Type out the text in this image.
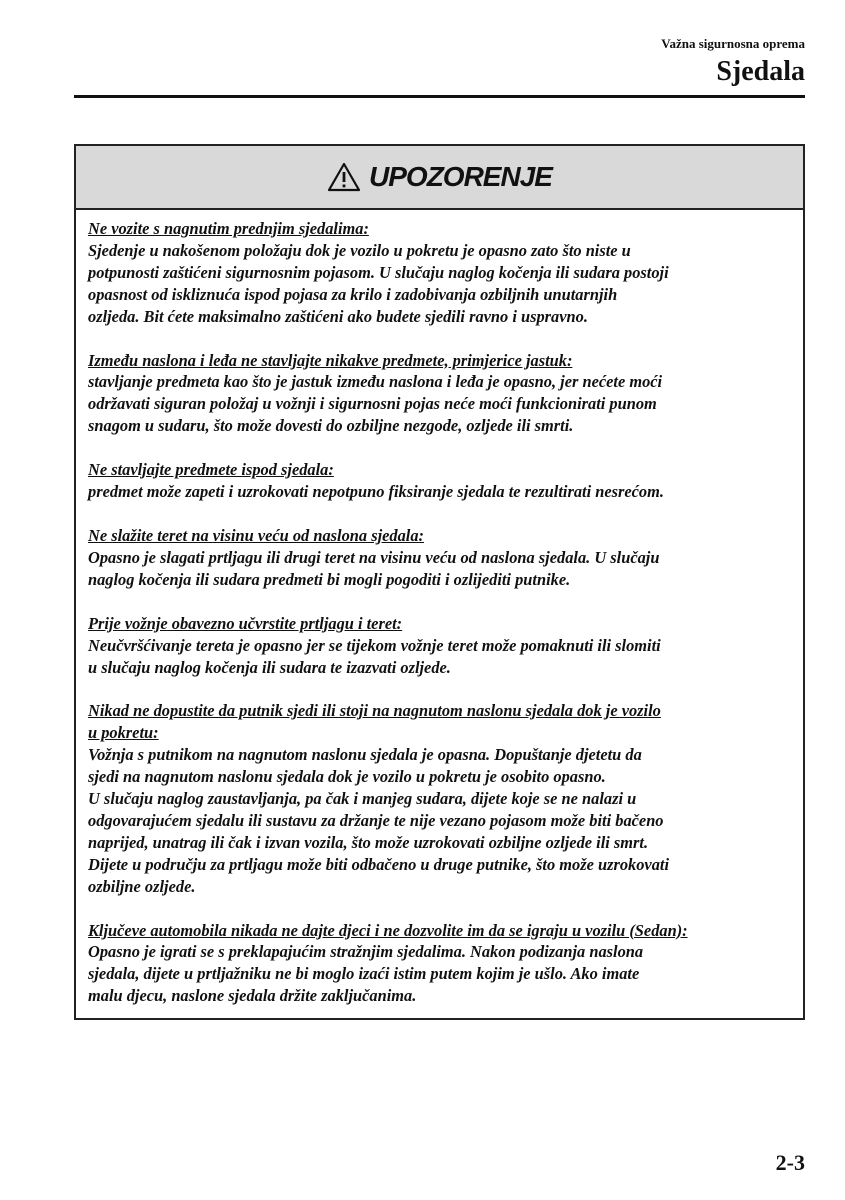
Važna sigurnosna oprema
Sjedala
UPOZORENJE
Ne vozite s nagnutim prednjim sjedalima:
Sjedenje u nakošenom položaju dok je vozilo u pokretu je opasno zato što niste u
potpunosti zaštićeni sigurnosnim pojasom. U slučaju naglog kočenja ili sudara postoji
opasnost od iskliznuća ispod pojasa za krilo i zadobivanja ozbiljnih unutarnjih
ozljeda. Bit ćete maksimalno zaštićeni ako budete sjedili ravno i uspravno.
Između naslona i leđa ne stavljajte nikakve predmete, primjerice jastuk:
stavljanje predmeta kao što je jastuk između naslona i leđa je opasno, jer nećete moći
održavati siguran položaj u vožnji i sigurnosni pojas neće moći funkcionirati punom
snagom u sudaru, što može dovesti do ozbiljne nezgode, ozljede ili smrti.
Ne stavljajte predmete ispod sjedala:
predmet može zapeti i uzrokovati nepotpuno fiksiranje sjedala te rezultirati nesrećom.
Ne slažite teret na visinu veću od naslona sjedala:
Opasno je slagati prtljagu ili drugi teret na visinu veću od naslona sjedala. U slučaju
naglog kočenja ili sudara predmeti bi mogli pogoditi i ozlijediti putnike.
Prije vožnje obavezno učvrstite prtljagu i teret:
Neučvršćivanje tereta je opasno jer se tijekom vožnje teret može pomaknuti ili slomiti
u slučaju naglog kočenja ili sudara te izazvati ozljede.
Nikad ne dopustite da putnik sjedi ili stoji na nagnutom naslonu sjedala dok je vozilo
u pokretu:
Vožnja s putnikom na nagnutom naslonu sjedala je opasna. Dopuštanje djetetu da
sjedi na nagnutom naslonu sjedala dok je vozilo u pokretu je osobito opasno.
U slučaju naglog zaustavljanja, pa čak i manjeg sudara, dijete koje se ne nalazi u
odgovarajućem sjedalu ili sustavu za držanje te nije vezano pojasom može biti bačeno
naprijed, unatrag ili čak i izvan vozila, što može uzrokovati ozbiljne ozljede ili smrt.
Dijete u području za prtljagu može biti odbačeno u druge putnike, što može uzrokovati
ozbiljne ozljede.
Ključeve automobila nikada ne dajte djeci i ne dozvolite im da se igraju u vozilu (Sedan):
Opasno je igrati se s preklapajućim stražnjim sjedalima. Nakon podizanja naslona
sjedala, dijete u prtljažniku ne bi moglo izaći istim putem kojim je ušlo. Ako imate
malu djecu, naslone sjedala držite zaključanima.
2-3
